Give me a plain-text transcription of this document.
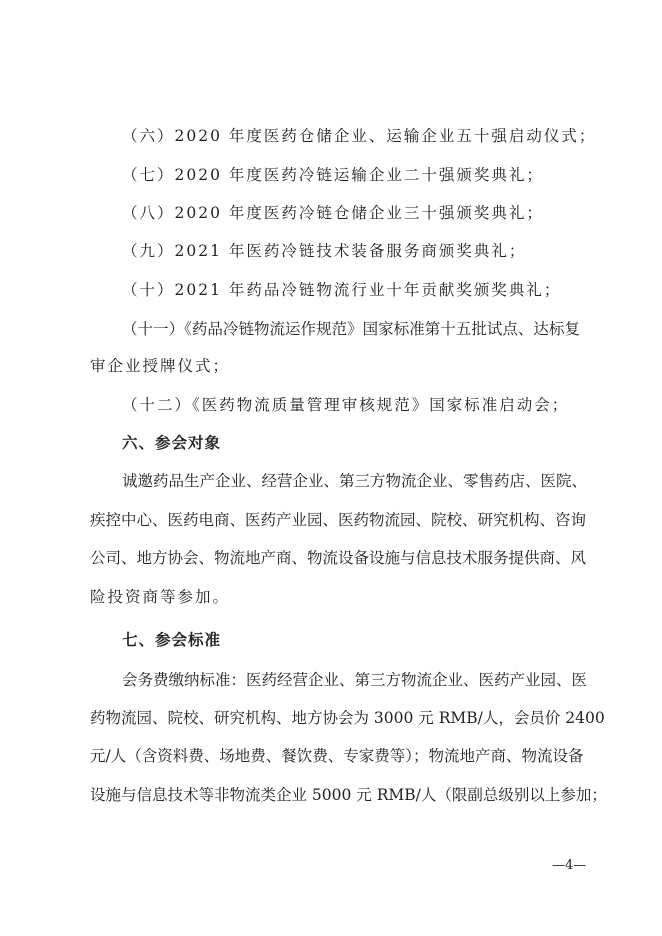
（六）2020 年度医药仓储企业、运输企业五十强启动仪式；
（七）2020 年度医药冷链运输企业二十强颁奖典礼；
（八）2020 年度医药冷链仓储企业三十强颁奖典礼；
（九）2021 年医药冷链技术装备服务商颁奖典礼；
（十）2021 年药品冷链物流行业十年贡献奖颁奖典礼；
（十一）《药品冷链物流运作规范》国家标准第十五批试点、达标复
审企业授牌仪式；
（十二）《医药物流质量管理审核规范》国家标准启动会；
六、参会对象
诚邀药品生产企业、经营企业、第三方物流企业、零售药店、医院、
疾控中心、医药电商、医药产业园、医药物流园、院校、研究机构、咨询
公司、地方协会、物流地产商、物流设备设施与信息技术服务提供商、风
险投资商等参加。
七、参会标准
会务费缴纳标准：医药经营企业、第三方物流企业、医药产业园、医
药物流园、院校、研究机构、地方协会为 3000 元 RMB/人，会员价 2400
元/人（含资料费、场地费、餐饮费、专家费等）；物流地产商、物流设备
设施与信息技术等非物流类企业 5000 元 RMB/人（限副总级别以上参加；
—4—
